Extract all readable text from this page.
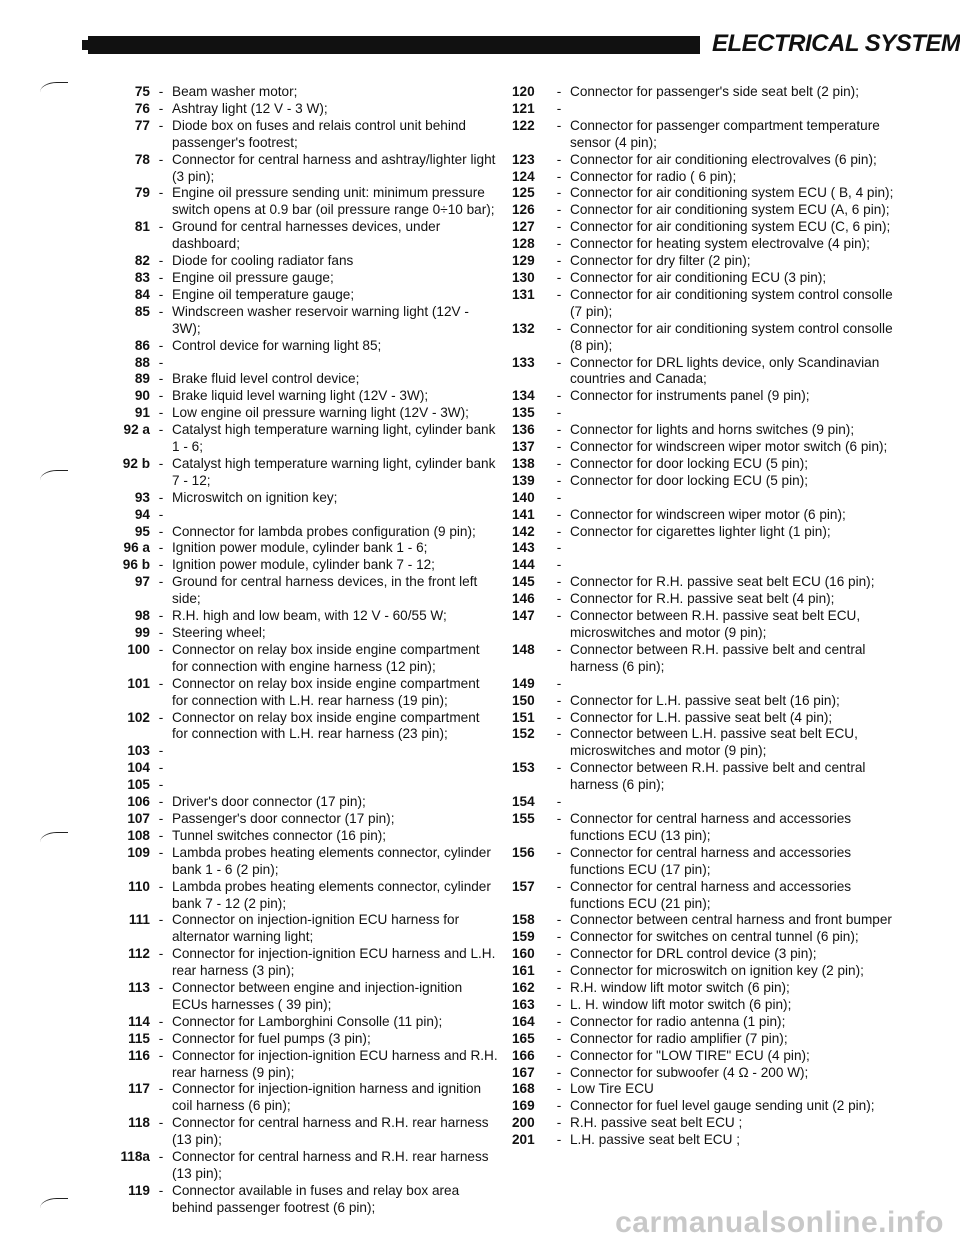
ELECTRICAL SYSTEM
75 - Beam washer motor;
76 - Ashtray light (12 V - 3 W);
77 - Diode box on fuses and relais control unit behind passenger's footrest;
78 - Connector for central harness and ashtray/lighter light (3 pin);
79 - Engine oil pressure sending unit: minimum pressure switch opens at 0.9 bar (oil pressure range 0÷10 bar);
81 - Ground for central harnesses devices, under dashboard;
82 - Diode for cooling radiator fans
83 - Engine oil pressure gauge;
84 - Engine oil temperature gauge;
85 - Windscreen washer reservoir warning light (12V - 3W);
86 - Control device for warning light 85;
88 -
89 - Brake fluid level control device;
90 - Brake liquid level warning light (12V - 3W);
91 - Low engine oil pressure warning light (12V - 3W);
92 a - Catalyst high temperature warning light, cylinder bank 1 - 6;
92 b - Catalyst high temperature warning light, cylinder bank 7 - 12;
93 - Microswitch on ignition key;
94 -
95 - Connector for lambda probes configuration (9 pin);
96 a - Ignition power module, cylinder bank 1 - 6;
96 b - Ignition power module, cylinder bank 7 - 12;
97 - Ground for central harness devices, in the front left side;
98 - R.H. high and low beam, with 12 V - 60/55 W;
99 - Steering wheel;
100 - Connector on relay box inside engine compartment for connection with engine harness (12 pin);
101 - Connector on relay box inside engine compartment for connection with L.H. rear harness (19 pin);
102 - Connector on relay box inside engine compartment for connection with L.H. rear harness (23 pin);
103 -
104 -
105 -
106 - Driver's door connector (17 pin);
107 - Passenger's door connector (17 pin);
108 - Tunnel switches connector (16 pin);
109 - Lambda probes heating elements connector, cylinder bank 1 - 6 (2 pin);
110 - Lambda probes heating elements connector, cylinder bank 7 - 12 (2 pin);
111 - Connector on injection-ignition ECU harness for alternator warning light;
112 - Connector for injection-ignition ECU harness and L.H. rear harness (3 pin);
113 - Connector between engine and injection-ignition ECUs harnesses ( 39 pin);
114 - Connector for Lamborghini Consolle (11 pin);
115 - Connector for fuel pumps (3 pin);
116 - Connector for injection-ignition ECU harness and R.H. rear harness (9 pin);
117 - Connector for injection-ignition harness and ignition coil harness (6 pin);
118 - Connector for central harness and R.H. rear harness (13 pin);
118a - Connector for central harness and R.H. rear harness (13 pin);
119 - Connector available in fuses and relay box area behind passenger footrest (6 pin);
120	- Connector for passenger's side seat belt (2 pin);
121	-
122	- Connector for passenger compartment temperature sensor (4 pin);
123	- Connector for air conditioning electrovalves (6 pin);
124	- Connector for radio ( 6 pin);
125	- Connector for air conditioning system ECU ( B, 4 pin);
126	- Connector for air conditioning system ECU (A, 6 pin);
127	- Connector for air conditioning system ECU (C, 6 pin);
128	- Connector for heating system electrovalve (4 pin);
129	- Connector for dry filter (2 pin);
130	- Connector for air conditioning ECU (3 pin);
131	- Connector for air conditioning system control consolle (7 pin);
132	- Connector for air conditioning system control consolle (8 pin);
133	- Connector for DRL lights device, only Scandinavian countries and Canada;
134	- Connector for instruments panel (9 pin);
135	-
136	- Connector for lights and horns switches (9 pin);
137	- Connector for windscreen wiper motor switch (6 pin);
138	- Connector for door locking ECU (5 pin);
139	- Connector for door locking ECU (5 pin);
140	-
141	- Connector for windscreen wiper motor (6 pin);
142	- Connector for cigarettes lighter light (1 pin);
143	-
144	-
145	- Connector for R.H. passive seat belt ECU (16 pin);
146	- Connector for R.H. passive seat belt (4 pin);
147	- Connector between R.H. passive seat belt ECU, microswitches and motor (9 pin);
148	- Connector between R.H. passive belt and central harness (6 pin);
149	-
150	- Connector for L.H. passive seat belt (16 pin);
151	- Connector for L.H. passive seat belt (4 pin);
152	- Connector between L.H. passive seat belt ECU, microswitches and motor (9 pin);
153	- Connector between R.H. passive belt and central harness (6 pin);
154	-
155	- Connector for central harness and accessories functions ECU (13 pin);
156	- Connector for central harness and accessories functions ECU (17 pin);
157	- Connector for central harness and accessories functions ECU (21 pin);
158	- Connector between central harness and front bumper
159	- Connector for switches on central tunnel (6 pin);
160	- Connector for DRL control device (3 pin);
161	- Connector for microswitch on ignition key (2 pin);
162	- R.H. window lift motor switch (6 pin);
163	- L. H. window lift motor switch (6 pin);
164	- Connector for radio antenna (1 pin);
165	- Connector for radio amplifier (7 pin);
166	- Connector for "LOW TIRE" ECU (4 pin);
167	- Connector for subwoofer (4 Ω - 200 W);
168	- Low Tire ECU
169	- Connector for fuel level gauge sending unit (2 pin);
200	- R.H. passive seat belt ECU ;
201	- L.H. passive seat belt ECU ;
carmanualsonline.info
